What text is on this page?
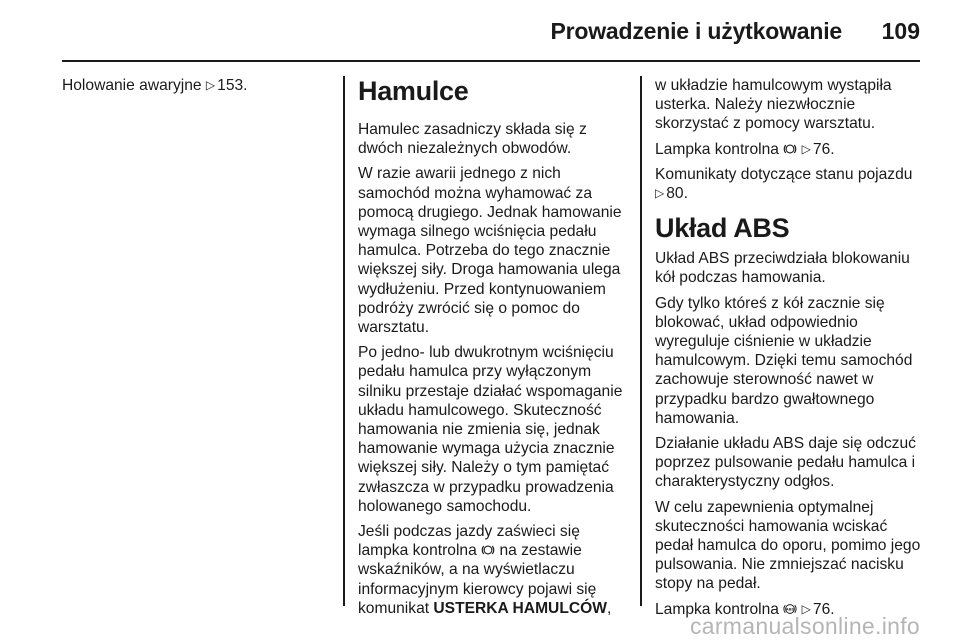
Prowadzenie i użytkowanie 109

Holowanie awaryjne ▷ 153.	Hamulce

Hamulec zasadniczy składa się z dwóch niezależnych obwodów.

W razie awarii jednego z nich samochód można wyhamować za pomocą drugiego. Jednak hamowanie wymaga silnego wciśnięcia pedału hamulca. Potrzeba do tego znacznie większej siły. Droga hamowania ulega wydłużeniu. Przed kontynuowaniem podróży zwrócić się o pomoc do warsztatu.

Po jedno- lub dwukrotnym wciśnięciu pedału hamulca przy wyłączonym silniku przestaje działać wspomaganie układu hamulcowego. Skuteczność hamowania nie zmienia się, jednak hamowanie wymaga użycia znacznie większej siły. Należy o tym pamiętać zwłaszcza w przypadku prowadzenia holowanego samochodu.

Jeśli podczas jazdy zaświeci się lampka kontrolna na zestawie wskaźników, a na wyświetlaczu informacyjnym kierowcy pojawi się komunikat USTERKA HAMULCÓW,

w układzie hamulcowym wystąpiła usterka. Należy niezwłocznie skorzystać z pomocy warsztatu.

Lampka kontrolna ▷ 76.

Komunikaty dotyczące stanu pojazdu
▷ 80.

Układ ABS

Układ ABS przeciwdziała blokowaniu kół podczas hamowania.

Gdy tylko któreś z kół zacznie się blokować, układ odpowiednio wyreguluje ciśnienie w układzie hamulcowym. Dzięki temu samochód zachowuje sterowność nawet w przypadku bardzo gwałtownego hamowania.

Działanie układu ABS daje się odczuć poprzez pulsowanie pedału hamulca i charakterystyczny odgłos.

W celu zapewnienia optymalnej skuteczności hamowania wciskać pedał hamulca do oporu, pomimo jego pulsowania. Nie zmniejszać nacisku stopy na pedał.

Lampka kontrolna ABS ▷ 76.

carmanualsonline.info
